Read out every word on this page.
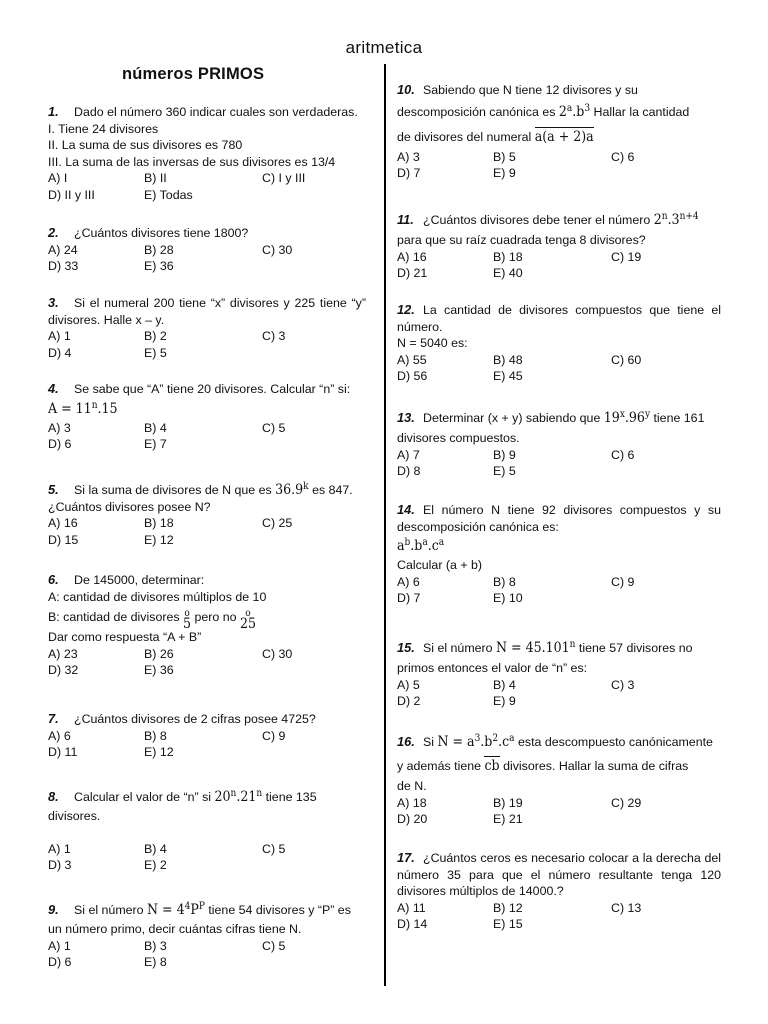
aritmetica
números PRIMOS
1. Dado el número 360 indicar cuales son verdaderas.
I. Tiene 24 divisores
II. La suma de sus divisores es 780
III. La suma de las inversas de sus divisores es 13/4
A) I	B) II	C) I y III
D) II y III	E) Todas
2. ¿Cuántos divisores tiene 1800?
A) 24	B) 28	C) 30
D) 33	E) 36
3. Si el numeral 200 tiene “x” divisores y 225 tiene “y” divisores. Halle x – y.
A) 1	B) 2	C) 3
D) 4	E) 5
4. Se sabe que “A” tiene 20 divisores. Calcular “n” si:
$A = 11^n.15$
A) 3	B) 4	C) 5
D) 6	E) 7
5. Si la suma de divisores de N que es 36.9$^k$ es 847.
¿Cuántos divisores posee N?
A) 16	B) 18	C) 25
D) 15	E) 12
6. De 145000, determinar:
A: cantidad de divisores múltiplos de 10
B: cantidad de divisores o
5 pero no o
25
Dar como respuesta “A + B”
A) 23	B) 26	C) 30
D) 32	E) 36
7. ¿Cuántos divisores de 2 cifras posee 4725?
A) 6	B) 8	C) 9
D) 11	E) 12
8. Calcular el valor de “n” si 20$^n$.21$^n$ tiene 135
divisores.
A) 1	B) 4	C) 5
D) 3	E) 2
9. Si el número $N = 4^4P^P$ tiene 54 divisores y “P” es
un número primo, decir cuántas cifras tiene N.
A) 1	B) 3	C) 5
D) 6	E) 8
10. Sabiendo que N tiene 12 divisores y su
descomposición canónica es $2^a.b^3$ Hallar la cantidad
de divisores del numeral a(a + 2)a
A) 3	B) 5	C) 6
D) 7	E) 9
11. ¿Cuántos divisores debe tener el número $2^n.3^{n+4}$
para que su raíz cuadrada tenga 8 divisores?
A) 16	B) 18	C) 19
D) 21	E) 40
12. La cantidad de divisores compuestos que tiene el número.
N = 5040 es:
A) 55	B) 48	C) 60
D) 56	E) 45
13. Determinar (x + y) sabiendo que 19$^x$.96$^y$ tiene 161
divisores compuestos.
A) 7	B) 9	C) 6
D) 8	E) 5
14. El número N tiene 92 divisores compuestos y su descomposición canónica es:
$a^b.b^a.c^a$
Calcular (a + b)
A) 6	B) 8	C) 9
D) 7	E) 10
15. Si el número $N = 45.101^n$ tiene 57 divisores no
primos entonces el valor de “n” es:
A) 5	B) 4	C) 3
D) 2	E) 9
16. Si $N = a^3.b^2.c^a$ esta descompuesto canónicamente
y además tiene cb divisores. Hallar la suma de cifras
de N.
A) 18	B) 19	C) 29
D) 20	E) 21
17. ¿Cuántos ceros es necesario colocar a la derecha del número 35 para que el número resultante tenga 120 divisores múltiplos de 14000.?
A) 11	B) 12	C) 13
D) 14	E) 15
